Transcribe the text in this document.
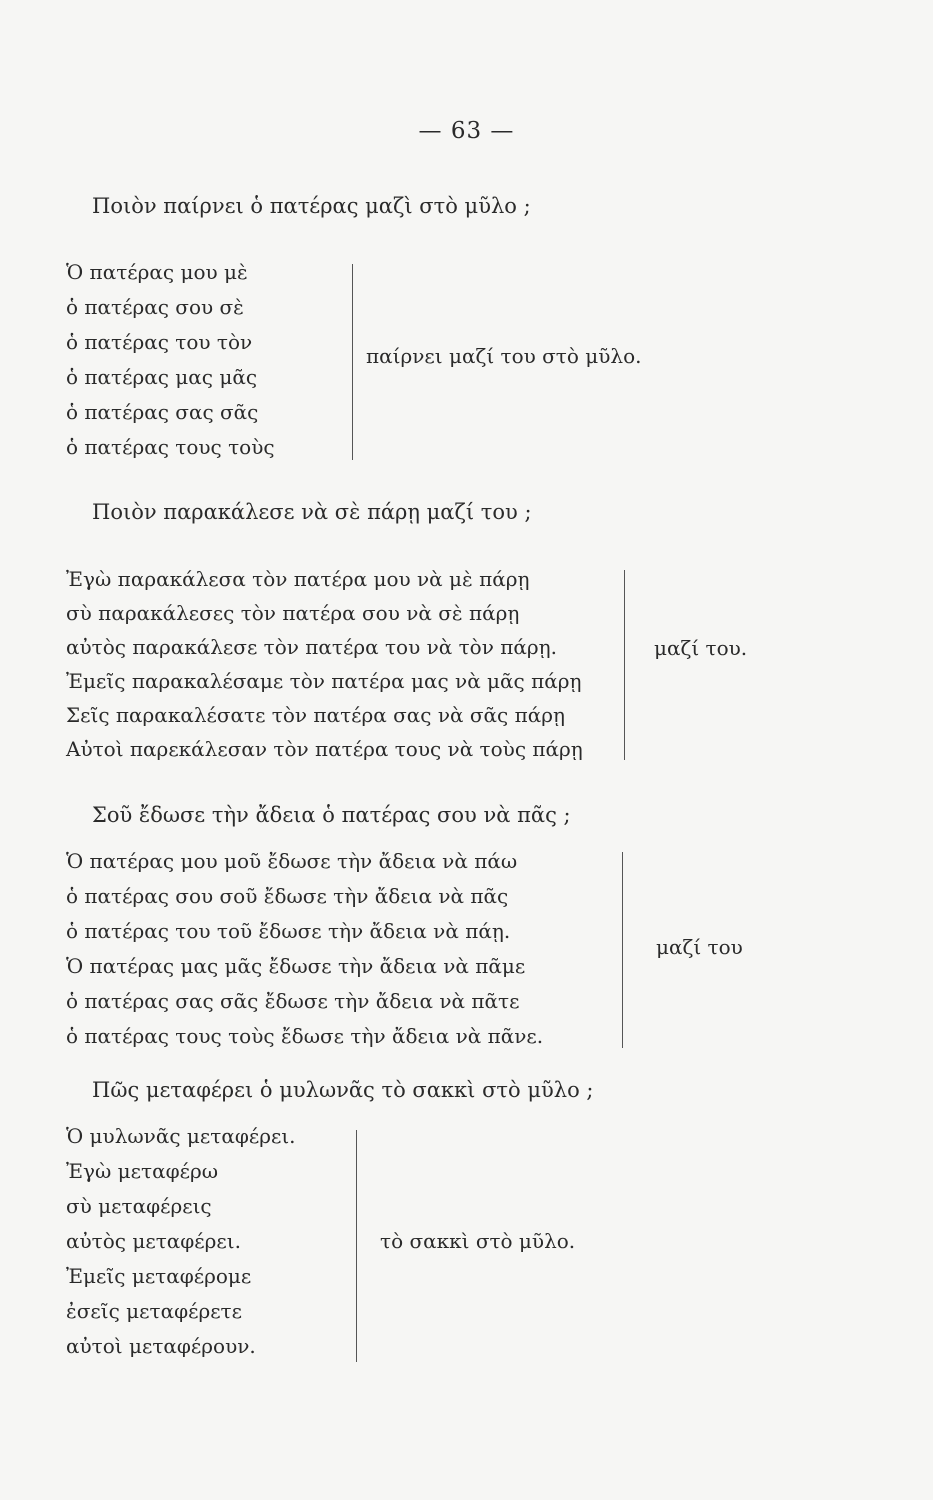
— 63 —
Ποιὸν παίρνει ὁ πατέρας μαζὶ στὸ μῦλο ;
Ὁ πατέρας μου μὲ
ὁ πατέρας σου σὲ
ὁ πατέρας του τὸν
ὁ πατέρας μας μᾶς
ὁ πατέρας σας σᾶς
ὁ πατέρας τους τοὺς
παίρνει μαζί του στὸ μῦλο.
Ποιὸν παρακάλεσε νὰ σὲ πάρῃ μαζί του ;
Ἐγὼ παρακάλεσα τὸν πατέρα μου νὰ μὲ πάρῃ
σὺ παρακάλεσες τὸν πατέρα σου νὰ σὲ πάρῃ
αὐτὸς παρακάλεσε τὸν πατέρα του νὰ τὸν πάρῃ.
Ἐμεῖς παρακαλέσαμε τὸν πατέρα μας νὰ μᾶς πάρῃ
Σεῖς παρακαλέσατε τὸν πατέρα σας νὰ σᾶς πάρῃ
Αὐτοὶ παρεκάλεσαν τὸν πατέρα τους νὰ τοὺς πάρῃ
μαζί του.
Σοῦ ἔδωσε τὴν ἄδεια ὁ πατέρας σου νὰ πᾶς ;
Ὁ πατέρας μου μοῦ ἔδωσε τὴν ἄδεια νὰ πάω
ὁ πατέρας σου σοῦ ἔδωσε τὴν ἄδεια νὰ πᾶς
ὁ πατέρας του τοῦ ἔδωσε τὴν ἄδεια νὰ πάῃ.
Ὁ πατέρας μας μᾶς ἔδωσε τὴν ἄδεια νὰ πᾶμε
ὁ πατέρας σας σᾶς ἔδωσε τὴν ἄδεια νὰ πᾶτε
ὁ πατέρας τους τοὺς ἔδωσε τὴν ἄδεια νὰ πᾶνε.
μαζί του
Πῶς μεταφέρει ὁ μυλωνᾶς τὸ σακκὶ στὸ μῦλο ;
Ὁ μυλωνᾶς μεταφέρει.
Ἐγὼ μεταφέρω
σὺ μεταφέρεις
αὐτὸς μεταφέρει.
Ἐμεῖς μεταφέρομε
ἐσεῖς μεταφέρετε
αὐτοὶ μεταφέρουν.
τὸ σακκὶ στὸ μῦλο.
